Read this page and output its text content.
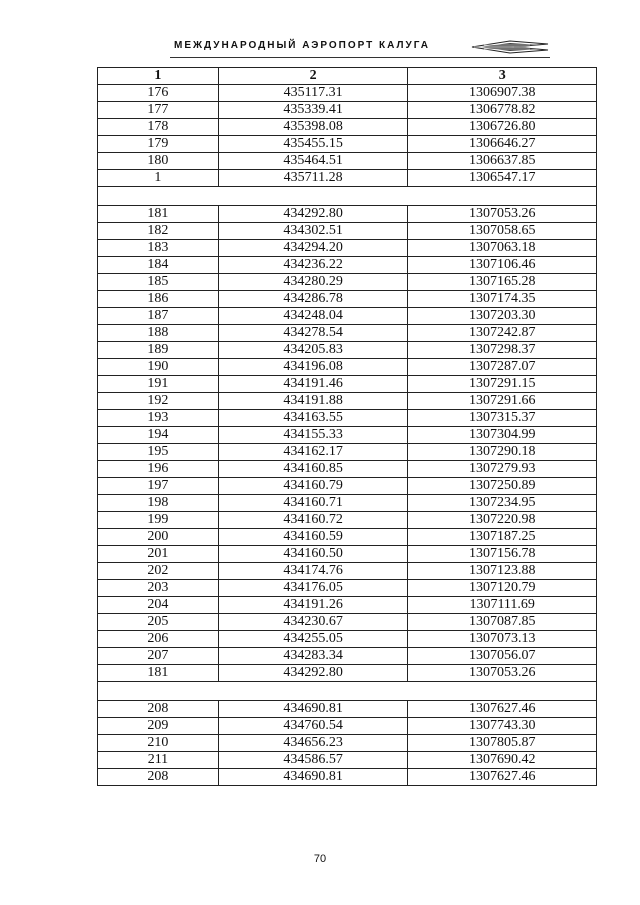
МЕЖДУНАРОДНЫЙ АЭРОПОРТ КАЛУГА
1	2	3
176	435117.31	1306907.38
177	435339.41	1306778.82
178	435398.08	1306726.80
179	435455.15	1306646.27
180	435464.51	1306637.85
1	435711.28	1306547.17

181	434292.80	1307053.26
182	434302.51	1307058.65
183	434294.20	1307063.18
184	434236.22	1307106.46
185	434280.29	1307165.28
186	434286.78	1307174.35
187	434248.04	1307203.30
188	434278.54	1307242.87
189	434205.83	1307298.37
190	434196.08	1307287.07
191	434191.46	1307291.15
192	434191.88	1307291.66
193	434163.55	1307315.37
194	434155.33	1307304.99
195	434162.17	1307290.18
196	434160.85	1307279.93
197	434160.79	1307250.89
198	434160.71	1307234.95
199	434160.72	1307220.98
200	434160.59	1307187.25
201	434160.50	1307156.78
202	434174.76	1307123.88
203	434176.05	1307120.79
204	434191.26	1307111.69
205	434230.67	1307087.85
206	434255.05	1307073.13
207	434283.34	1307056.07
181	434292.80	1307053.26

208	434690.81	1307627.46
209	434760.54	1307743.30
210	434656.23	1307805.87
211	434586.57	1307690.42
208	434690.81	1307627.46
70
